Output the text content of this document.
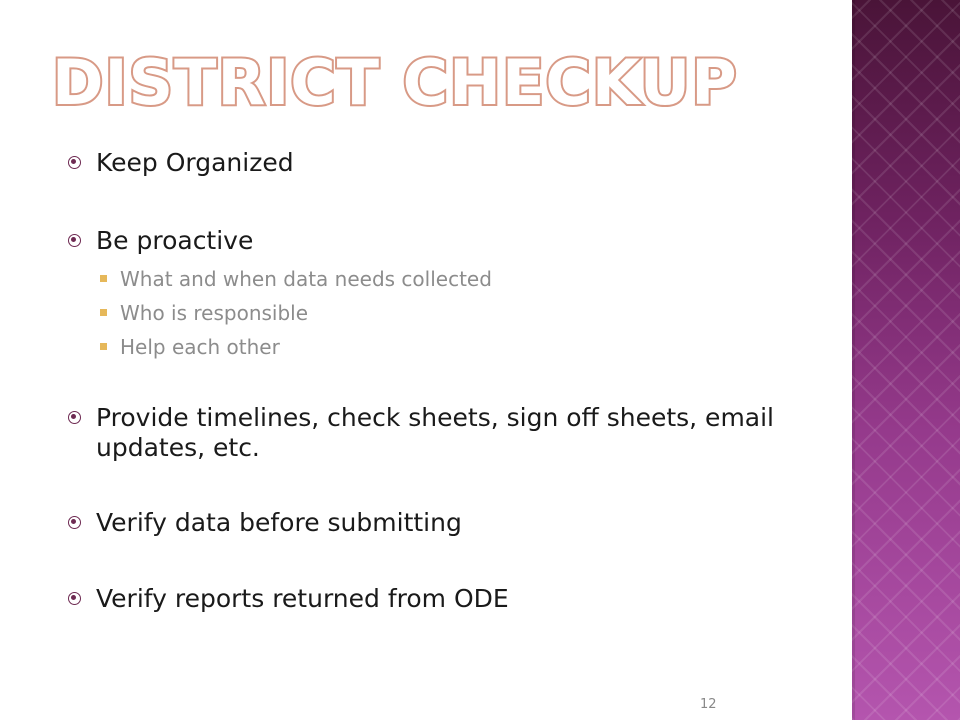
DISTRICT CHECKUP
Keep Organized
Be proactive
What and when data needs collected
Who is responsible
Help each other
Provide timelines, check sheets, sign off sheets, email updates, etc.
Verify data before submitting
Verify reports returned from ODE
12
